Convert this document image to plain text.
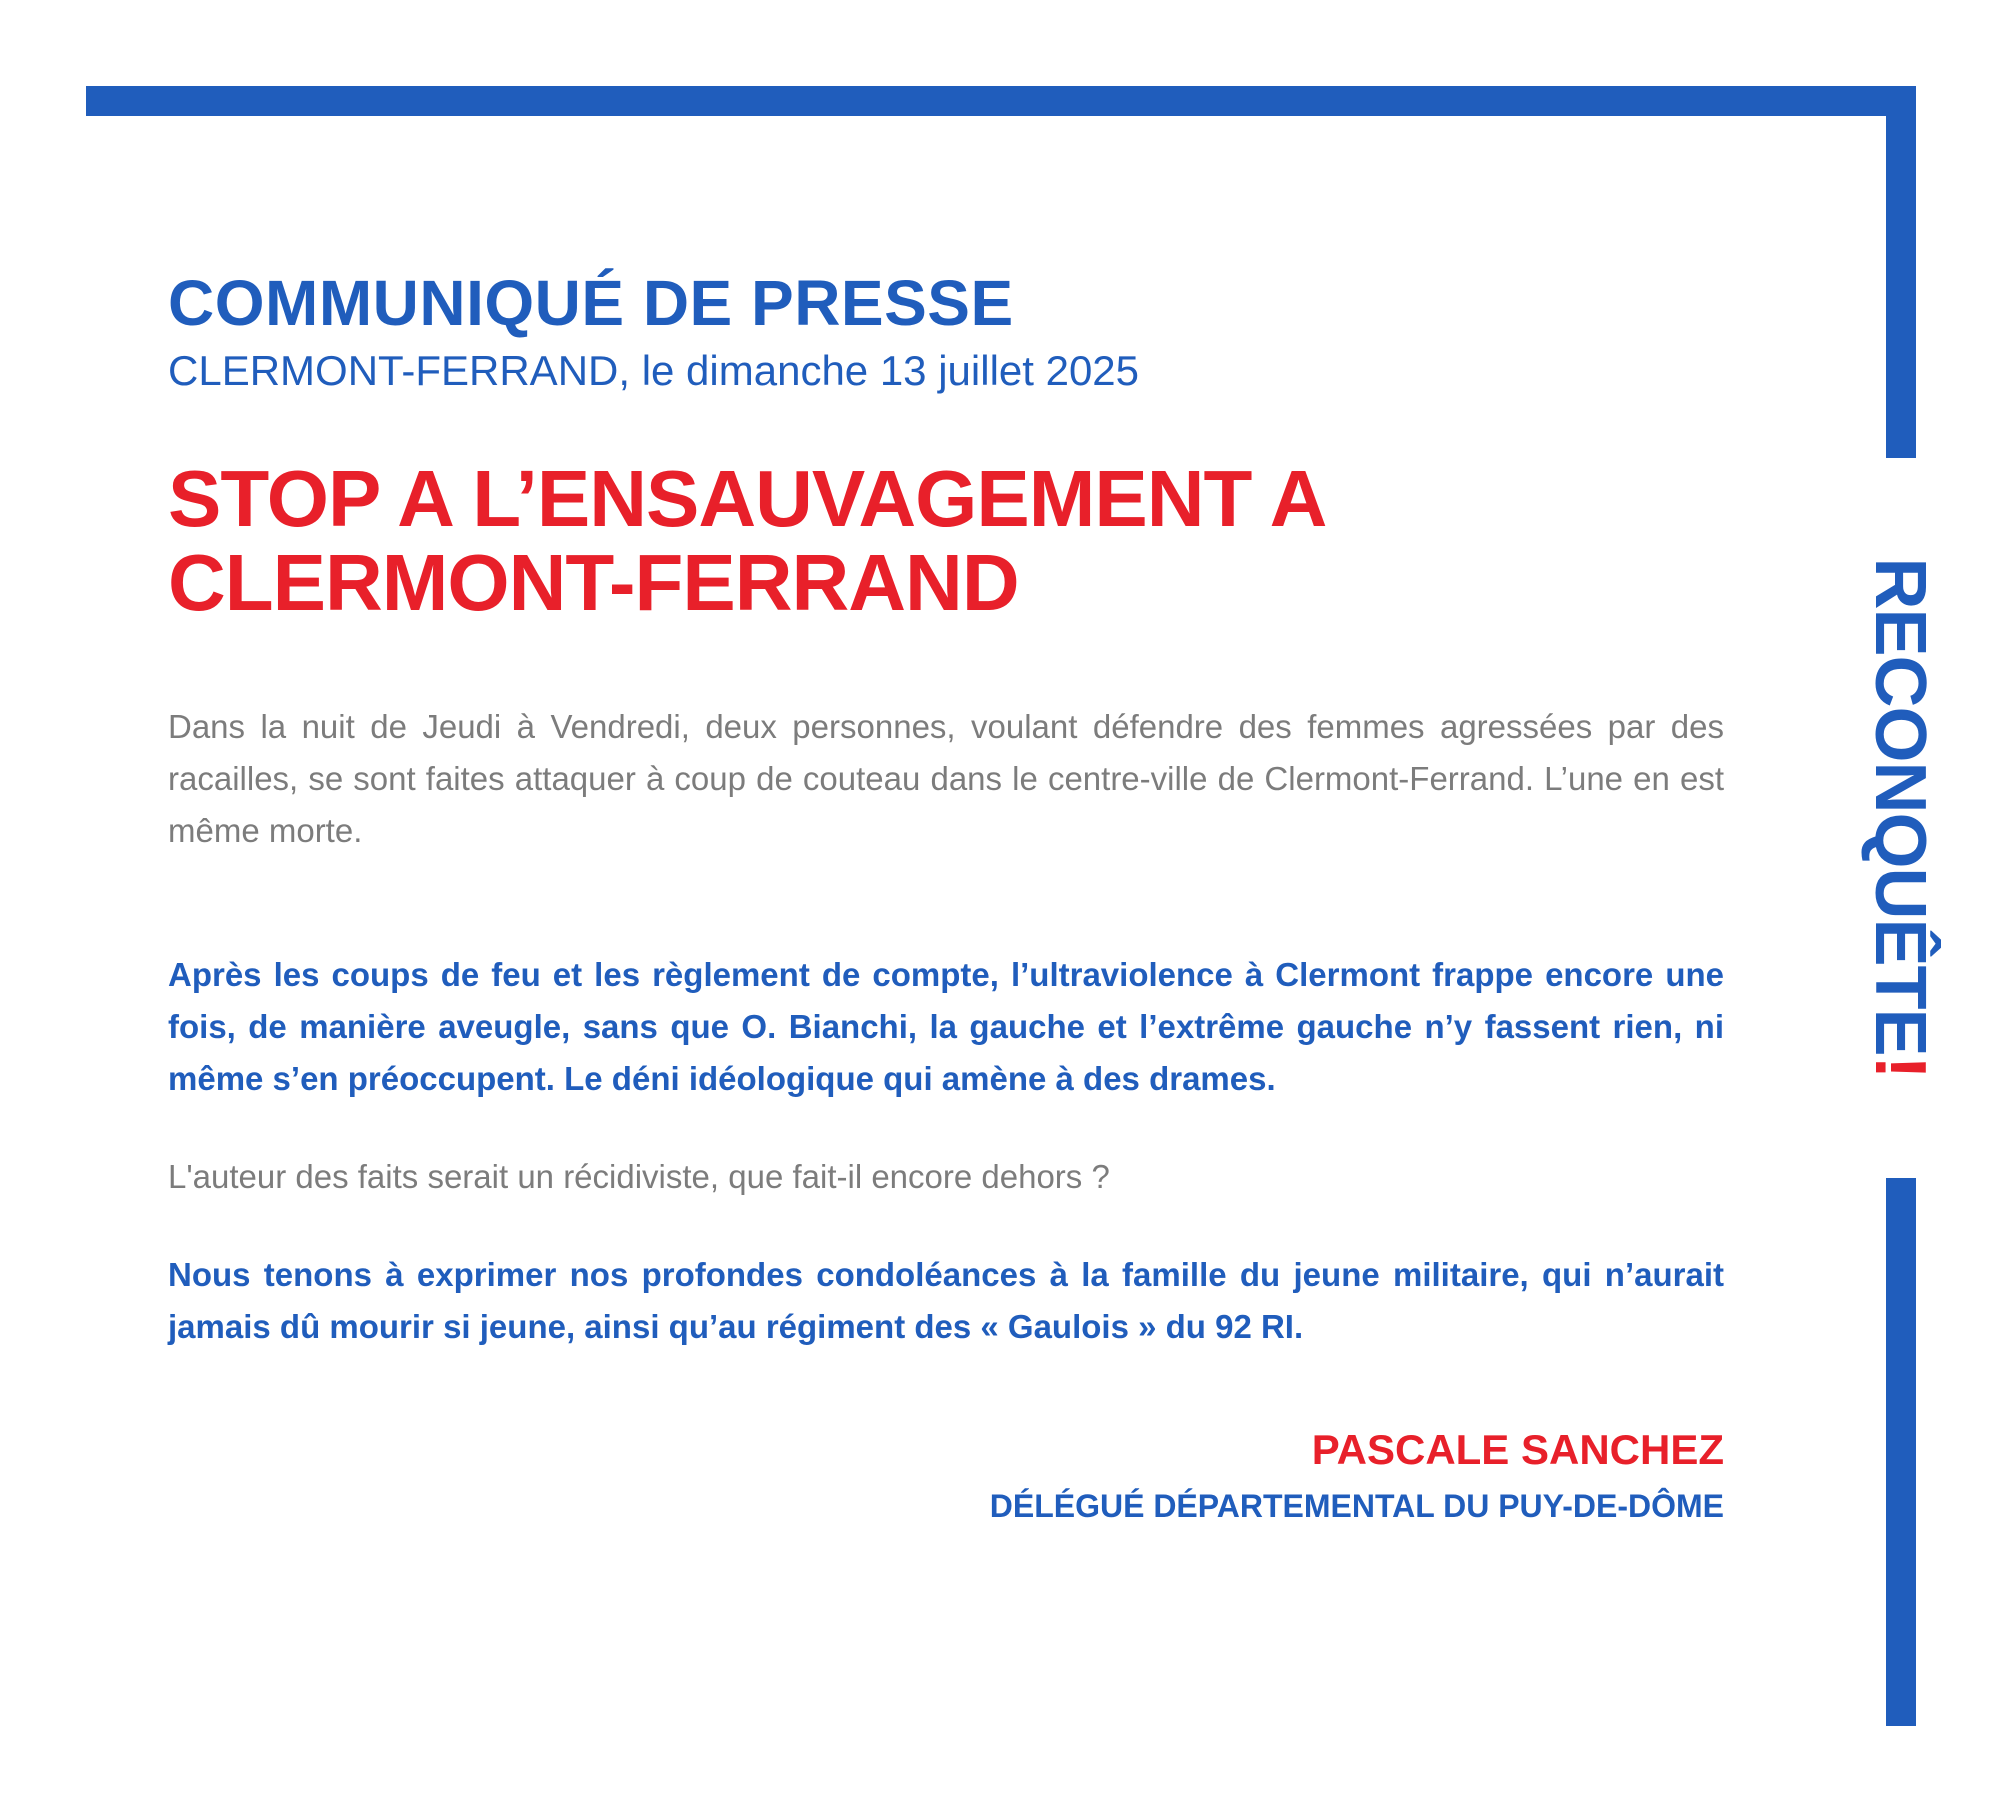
RECONQUÊTE!
COMMUNIQUÉ DE PRESSE

CLERMONT-FERRAND, le dimanche 13 juillet 2025

STOP A L’ENSAUVAGEMENT A
CLERMONT-FERRAND

Dans la nuit de Jeudi à Vendredi, deux personnes, voulant défendre des femmes agressées par des racailles, se sont faites attaquer à coup de couteau dans le centre-ville de Clermont-Ferrand. L’une en est même morte.

Après les coups de feu et les règlement de compte, l’ultraviolence à Clermont frappe encore une fois, de manière aveugle, sans que O. Bianchi, la gauche et l’extrême gauche n’y fassent rien, ni même s’en préoccupent. Le déni idéologique qui amène à des drames.

L'auteur des faits serait un récidiviste, que fait-il encore dehors ?

Nous tenons à exprimer nos profondes condoléances à la famille du jeune militaire, qui n’aurait jamais dû mourir si jeune, ainsi qu’au régiment des « Gaulois » du 92 RI.

PASCALE SANCHEZ

DÉLÉGUÉ DÉPARTEMENTAL DU PUY-DE-DÔME
